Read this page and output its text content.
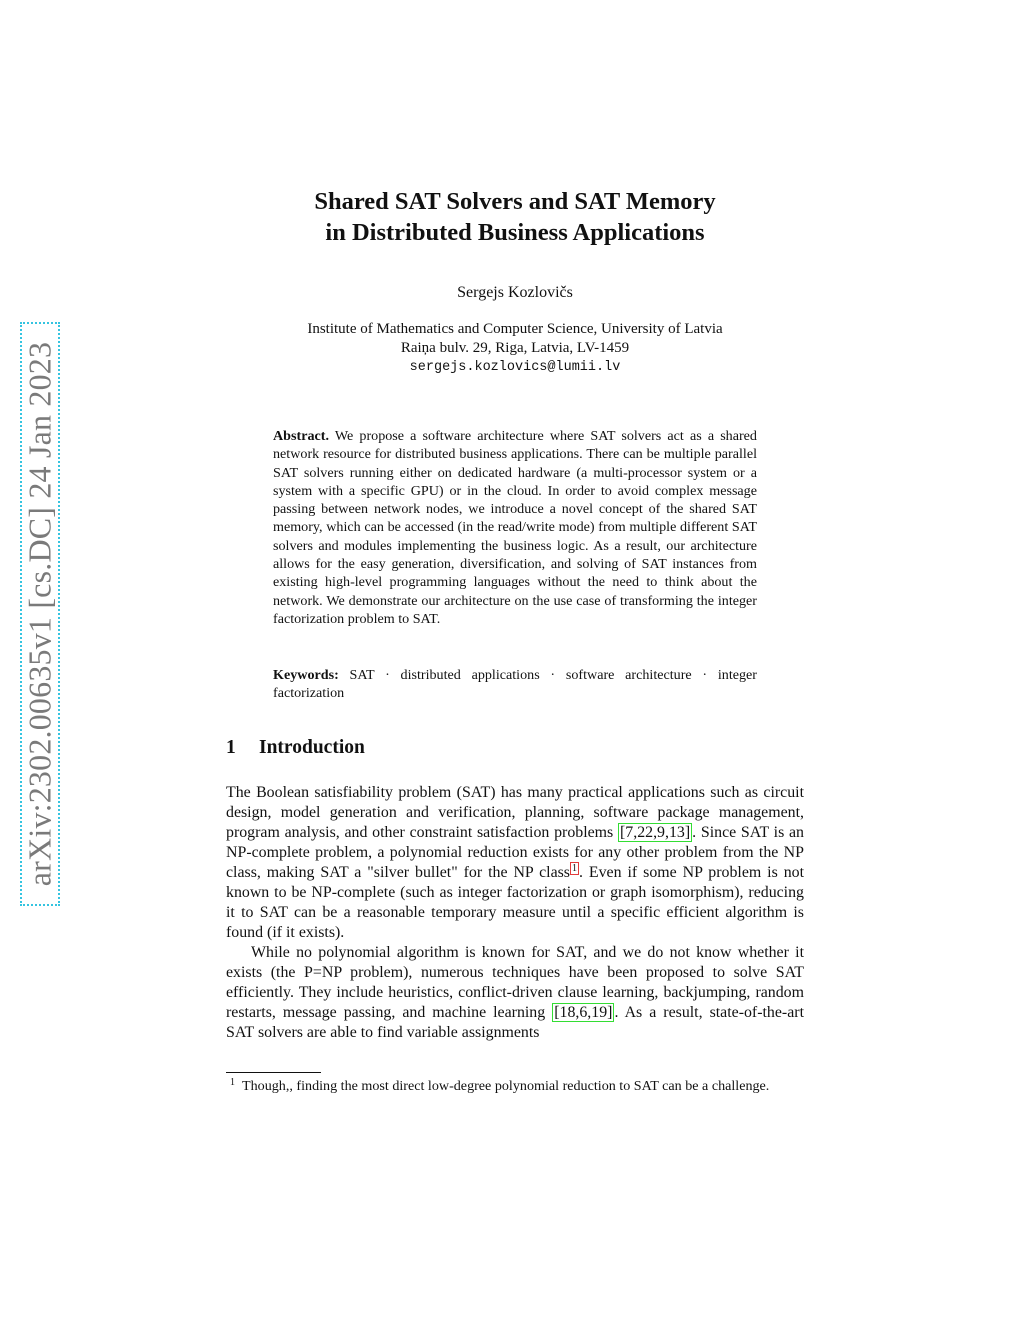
arXiv:2302.00635v1 [cs.DC] 24 Jan 2023
Shared SAT Solvers and SAT Memory
in Distributed Business Applications
Sergejs Kozlovičs
Institute of Mathematics and Computer Science, University of Latvia
Raiņa bulv. 29, Riga, Latvia, LV-1459
sergejs.kozlovics@lumii.lv
Abstract. We propose a software architecture where SAT solvers act as a shared network resource for distributed business applications. There can be multiple parallel SAT solvers running either on dedicated hardware (a multi-processor system or a system with a specific GPU) or in the cloud. In order to avoid complex message passing between network nodes, we introduce a novel concept of the shared SAT memory, which can be accessed (in the read/write mode) from multiple different SAT solvers and modules implementing the business logic. As a result, our architecture allows for the easy generation, diversification, and solving of SAT instances from existing high-level programming languages without the need to think about the network. We demonstrate our architecture on the use case of transforming the integer factorization problem to SAT.
Keywords: SAT · distributed applications · software architecture · integer factorization
1 Introduction

The Boolean satisfiability problem (SAT) has many practical applications such as circuit design, model generation and verification, planning, software package management, program analysis, and other constraint satisfaction problems [7,22,9,13] . Since SAT is an NP-complete problem, a polynomial reduction exists for any other problem from the NP class, making SAT a "silver bullet" for the NP class $^1$ . Even if some NP problem is not known to be NP-complete (such as integer factorization or graph isomorphism), reducing it to SAT can be a reasonable temporary measure until a specific efficient algorithm is found (if it exists).

While no polynomial algorithm is known for SAT, and we do not know whether it exists (the P=NP problem), numerous techniques have been proposed to solve SAT efficiently. They include heuristics, conflict-driven clause learning, backjumping, random restarts, message passing, and machine learning [18,6,19] . As a result, state-of-the-art SAT solvers are able to find variable assignments

1 Though,, finding the most direct low-degree polynomial reduction to SAT can be a challenge.
